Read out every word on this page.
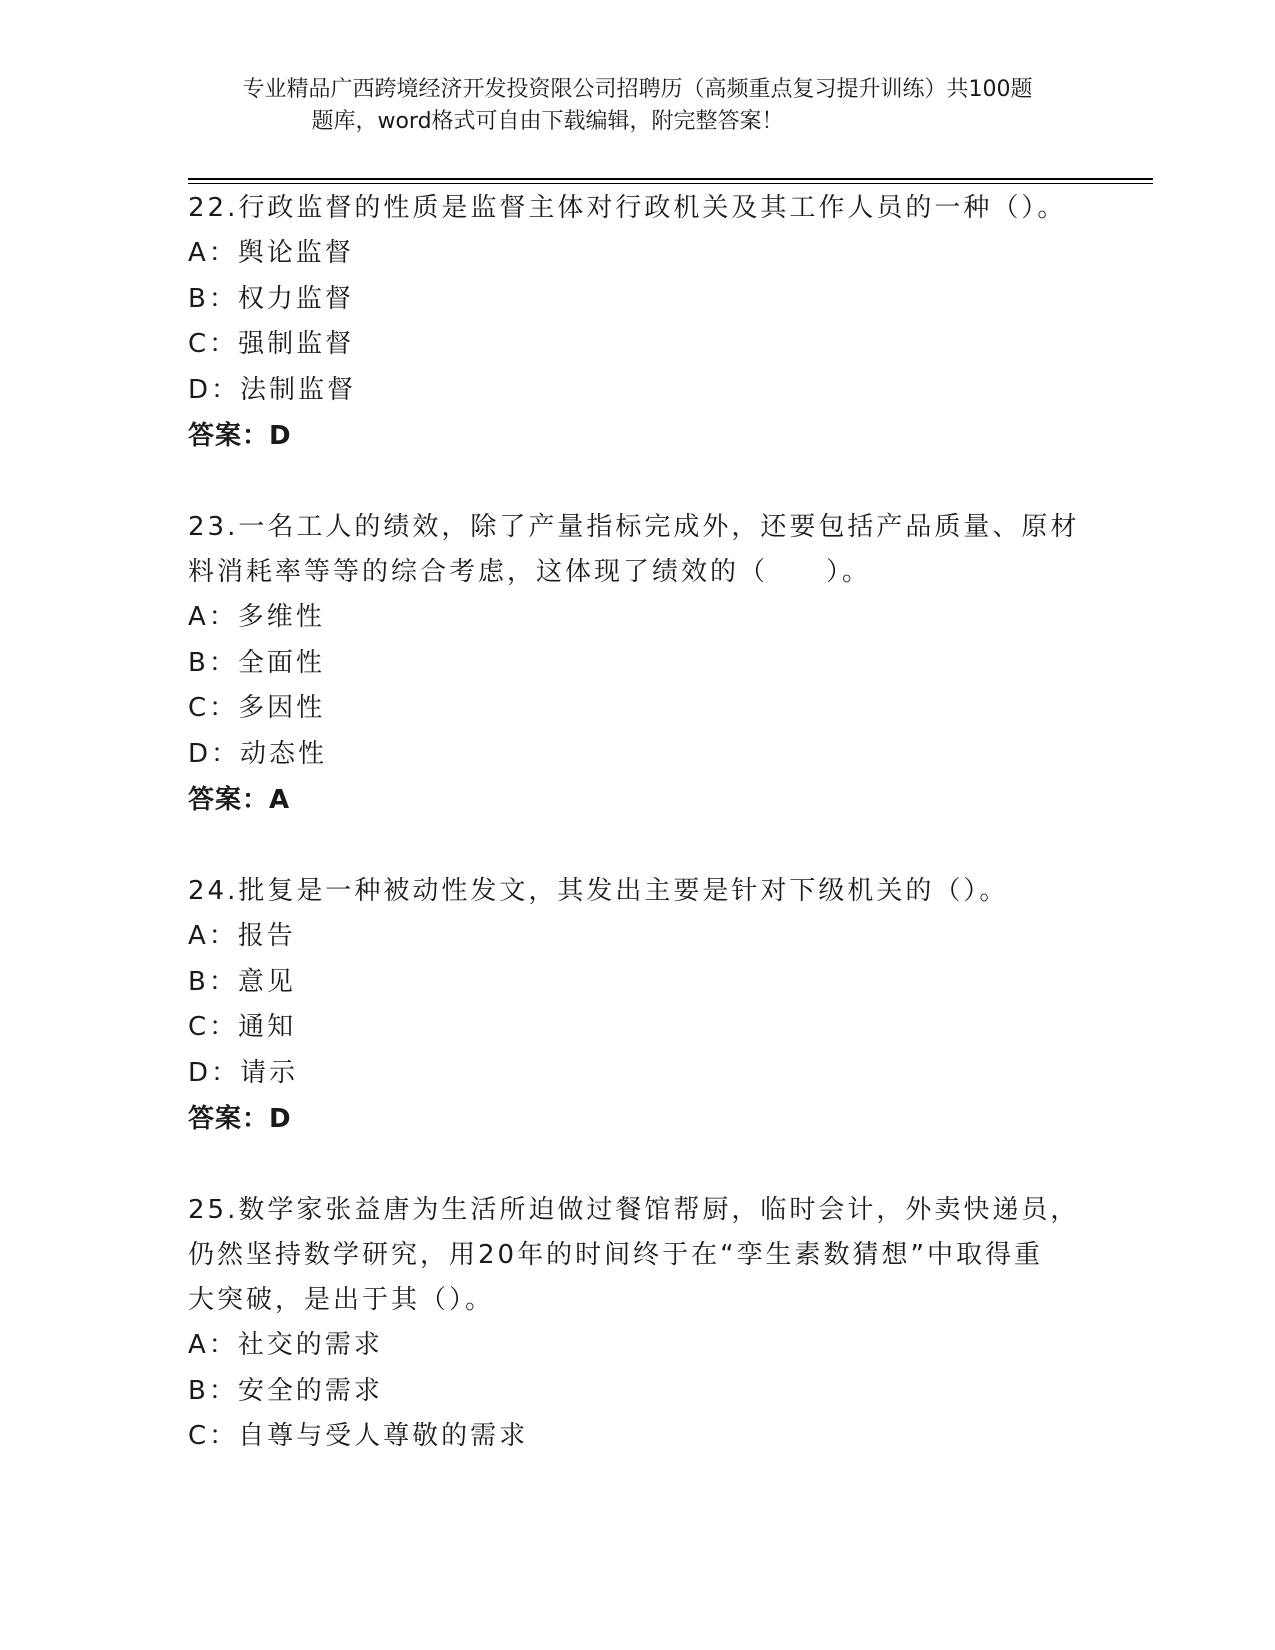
专业精品广西跨境经济开发投资限公司招聘历（高频重点复习提升训练）共100题
题库，word格式可自由下载编辑，附完整答案！
22.行政监督的性质是监督主体对行政机关及其工作人员的一种（）。
A：舆论监督
B：权力监督
C：强制监督
D：法制监督
答案：D
23.一名工人的绩效，除了产量指标完成外，还要包括产品质量、原材
料消耗率等等的综合考虑，这体现了绩效的（　　）。
A：多维性
B：全面性
C：多因性
D：动态性
答案：A
24.批复是一种被动性发文，其发出主要是针对下级机关的（）。
A：报告
B：意见
C：通知
D：请示
答案：D
25.数学家张益唐为生活所迫做过餐馆帮厨，临时会计，外卖快递员，
仍然坚持数学研究，用20年的时间终于在“孪生素数猜想”中取得重
大突破，是出于其（）。
A：社交的需求
B：安全的需求
C：自尊与受人尊敬的需求
